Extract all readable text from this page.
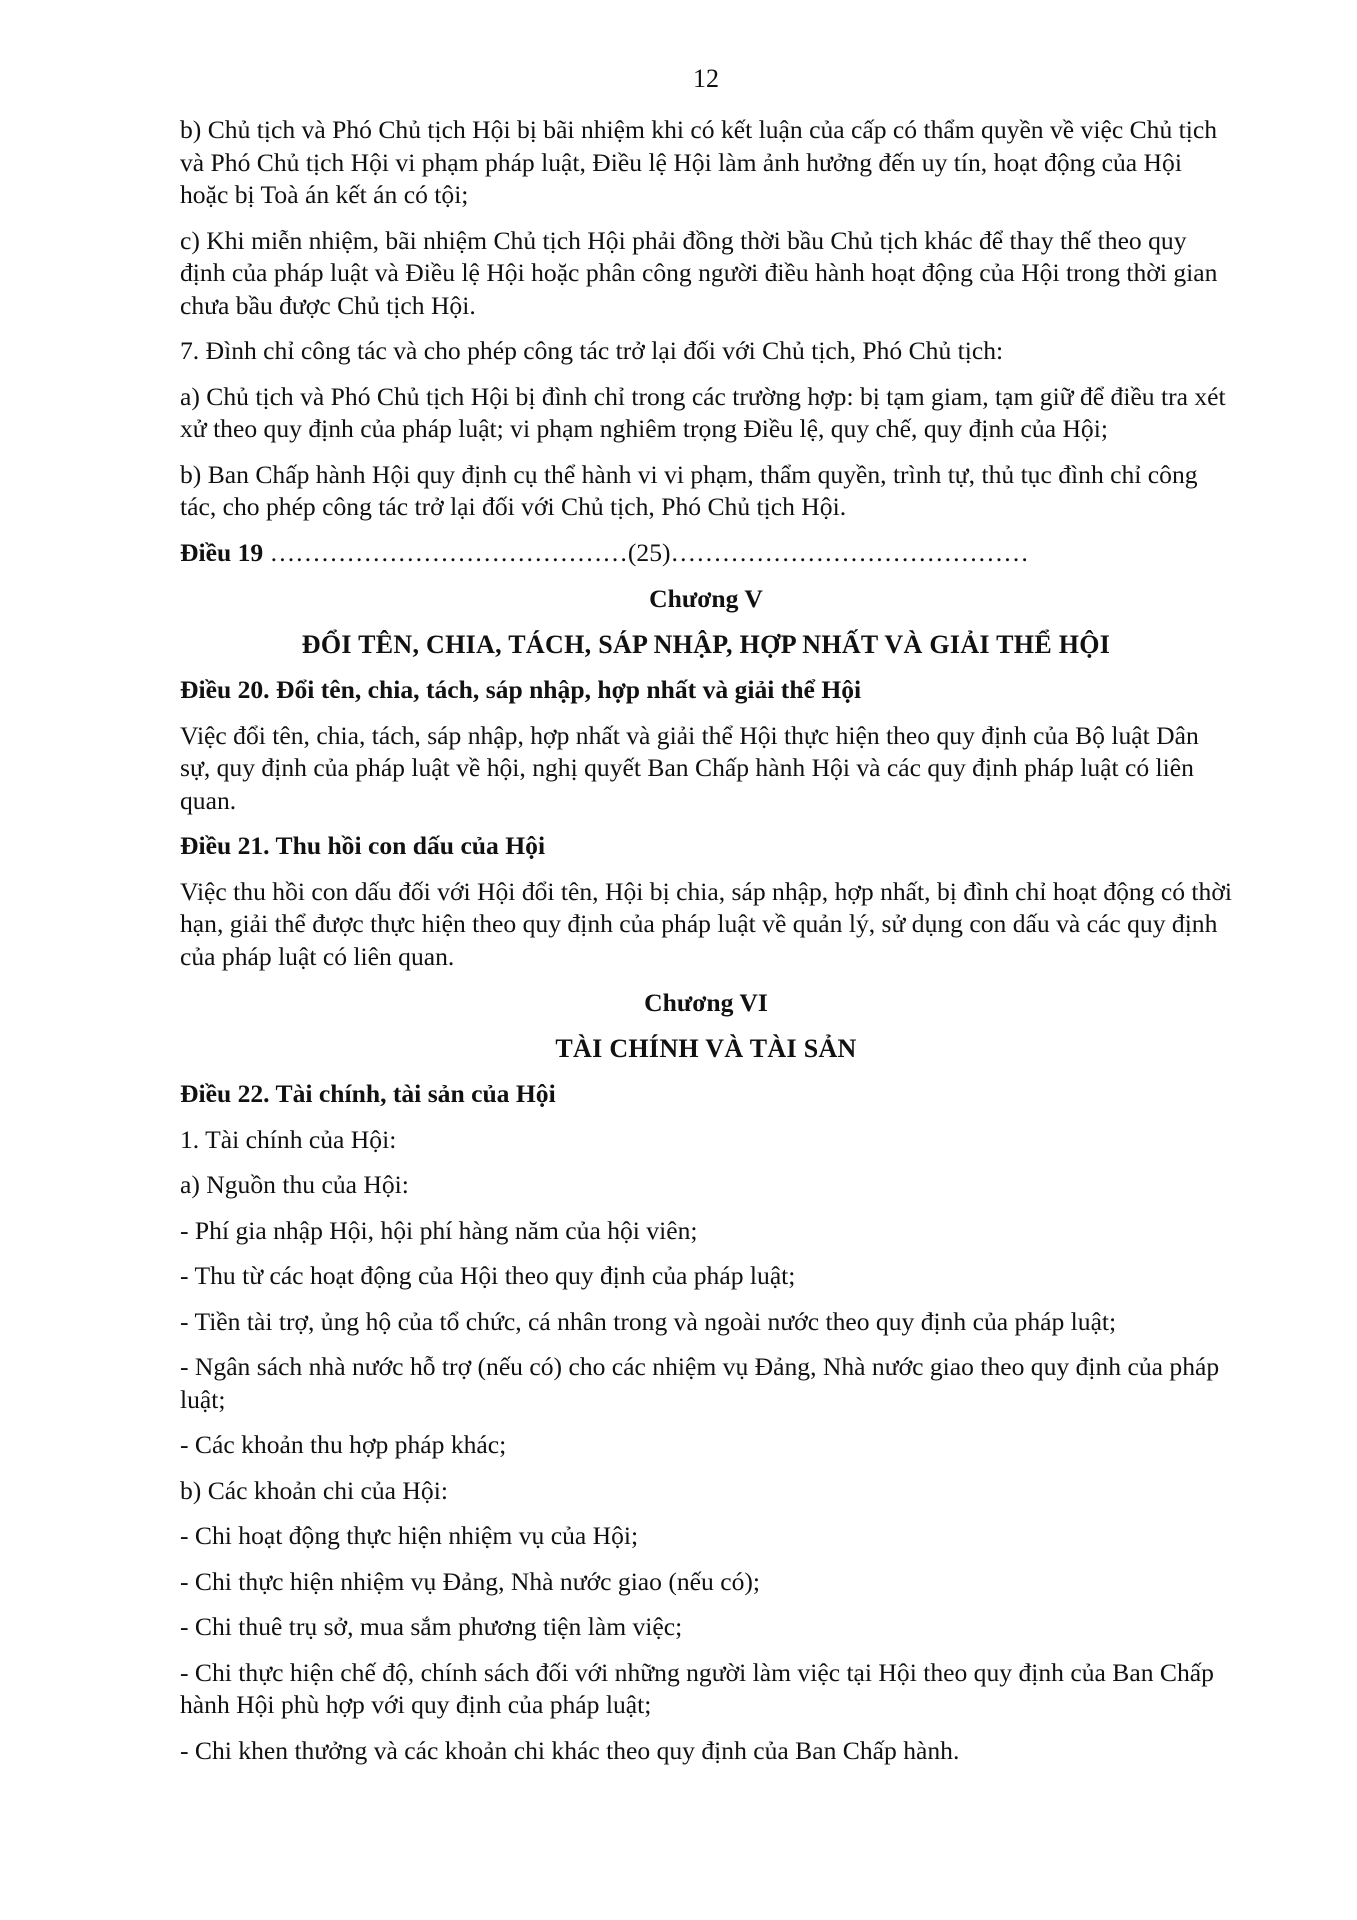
12

b) Chủ tịch và Phó Chủ tịch Hội bị bãi nhiệm khi có kết luận của cấp có thẩm quyền về việc Chủ tịch và Phó Chủ tịch Hội vi phạm pháp luật, Điều lệ Hội làm ảnh hưởng đến uy tín, hoạt động của Hội hoặc bị Toà án kết án có tội;

c) Khi miễn nhiệm, bãi nhiệm Chủ tịch Hội phải đồng thời bầu Chủ tịch khác để thay thế theo quy định của pháp luật và Điều lệ Hội hoặc phân công người điều hành hoạt động của Hội trong thời gian chưa bầu được Chủ tịch Hội.

7. Đình chỉ công tác và cho phép công tác trở lại đối với Chủ tịch, Phó Chủ tịch:

a) Chủ tịch và Phó Chủ tịch Hội bị đình chỉ trong các trường hợp: bị tạm giam, tạm giữ để điều tra xét xử theo quy định của pháp luật; vi phạm nghiêm trọng Điều lệ, quy chế, quy định của Hội;

b) Ban Chấp hành Hội quy định cụ thể hành vi vi phạm, thẩm quyền, trình tự, thủ tục đình chỉ công tác, cho phép công tác trở lại đối với Chủ tịch, Phó Chủ tịch Hội.

Điều 19 ……………………………………(25)……………………………………

Chương V
ĐỔI TÊN, CHIA, TÁCH, SÁP NHẬP, HỢP NHẤT VÀ GIẢI THỂ HỘI
Điều 20. Đổi tên, chia, tách, sáp nhập, hợp nhất và giải thể Hội

Việc đổi tên, chia, tách, sáp nhập, hợp nhất và giải thể Hội thực hiện theo quy định của Bộ luật Dân sự, quy định của pháp luật về hội, nghị quyết Ban Chấp hành Hội và các quy định pháp luật có liên quan.

Điều 21. Thu hồi con dấu của Hội

Việc thu hồi con dấu đối với Hội đổi tên, Hội bị chia, sáp nhập, hợp nhất, bị đình chỉ hoạt động có thời hạn, giải thể được thực hiện theo quy định của pháp luật về quản lý, sử dụng con dấu và các quy định của pháp luật có liên quan.

Chương VI
TÀI CHÍNH VÀ TÀI SẢN
Điều 22. Tài chính, tài sản của Hội

1. Tài chính của Hội:

a) Nguồn thu của Hội:

- Phí gia nhập Hội, hội phí hàng năm của hội viên;

- Thu từ các hoạt động của Hội theo quy định của pháp luật;

- Tiền tài trợ, ủng hộ của tổ chức, cá nhân trong và ngoài nước theo quy định của pháp luật;

- Ngân sách nhà nước hỗ trợ (nếu có) cho các nhiệm vụ Đảng, Nhà nước giao theo quy định của pháp luật;

- Các khoản thu hợp pháp khác;

b) Các khoản chi của Hội:

- Chi hoạt động thực hiện nhiệm vụ của Hội;

- Chi thực hiện nhiệm vụ Đảng, Nhà nước giao (nếu có);

- Chi thuê trụ sở, mua sắm phương tiện làm việc;

- Chi thực hiện chế độ, chính sách đối với những người làm việc tại Hội theo quy định của Ban Chấp hành Hội phù hợp với quy định của pháp luật;

- Chi khen thưởng và các khoản chi khác theo quy định của Ban Chấp hành.
